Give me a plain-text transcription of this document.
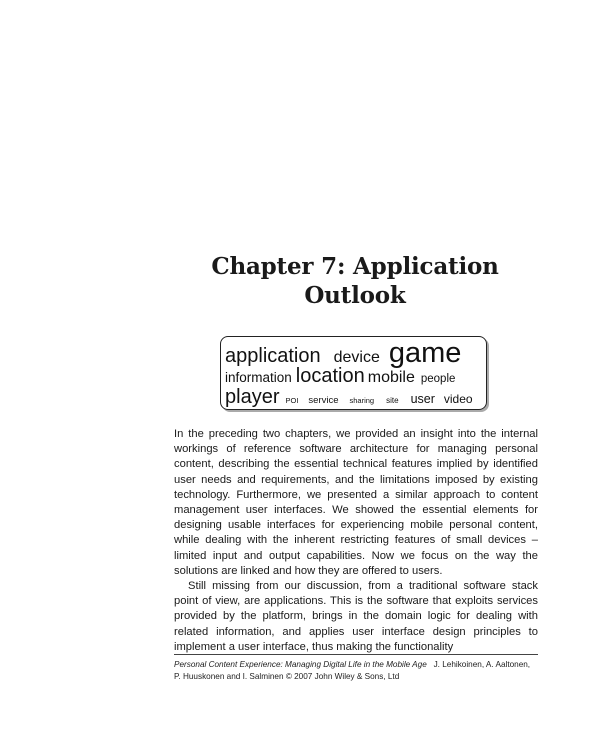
Chapter 7: Application
Outlook
application device game
information location mobile people
player POI service sharing site user video

In the preceding two chapters, we provided an insight into the internal workings of reference software architecture for managing personal content, describing the essential technical features implied by identified user needs and requirements, and the limitations imposed by existing technology. Furthermore, we presented a similar approach to content management user interfaces. We showed the essential elements for designing usable interfaces for experiencing mobile personal content, while dealing with the inherent restricting features of small devices – limited input and output capabilities. Now we focus on the way the solutions are linked and how they are offered to users.

Still missing from our discussion, from a traditional software stack point of view, are applications. This is the software that exploits services provided by the platform, brings in the domain logic for dealing with related information, and applies user interface design principles to implement a user interface, thus making the functionality

Personal Content Experience: Managing Digital Life in the Mobile Age J. Lehikoinen, A. Aaltonen, P. Huuskonen and I. Salminen © 2007 John Wiley & Sons, Ltd
